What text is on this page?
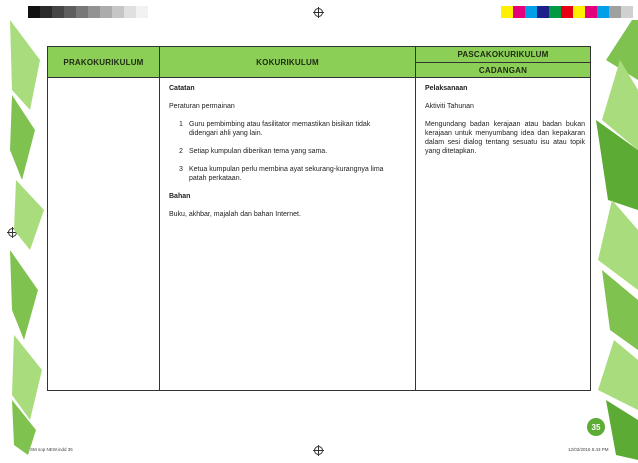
PRAKOKURIKULUM	KOKURIKULUM
PASCAKOKURIKULUM
CADANGAN
Catatan
Peraturan permainan
1 Guru pembimbing atau fasilitator memastikan bisikan tidak didengari ahli yang lain.
2 Setiap kumpulan diberikan tema yang sama.
3 Ketua kumpulan perlu membina ayat sekurang-kurangnya lima patah perkataan.
Bahan
Buku, akhbar, majalah dan bahan Internet.
Pelaksanaan
Aktiviti Tahunan
Mengundang badan kerajaan atau badan bukan kerajaan untuk menyumbang idea dan kepakaran dalam sesi dialog tentang sesuatu isu atau topik yang ditetapkan.
35
SM sop NEW.indd 35	12/03/2016 5:43 PM
